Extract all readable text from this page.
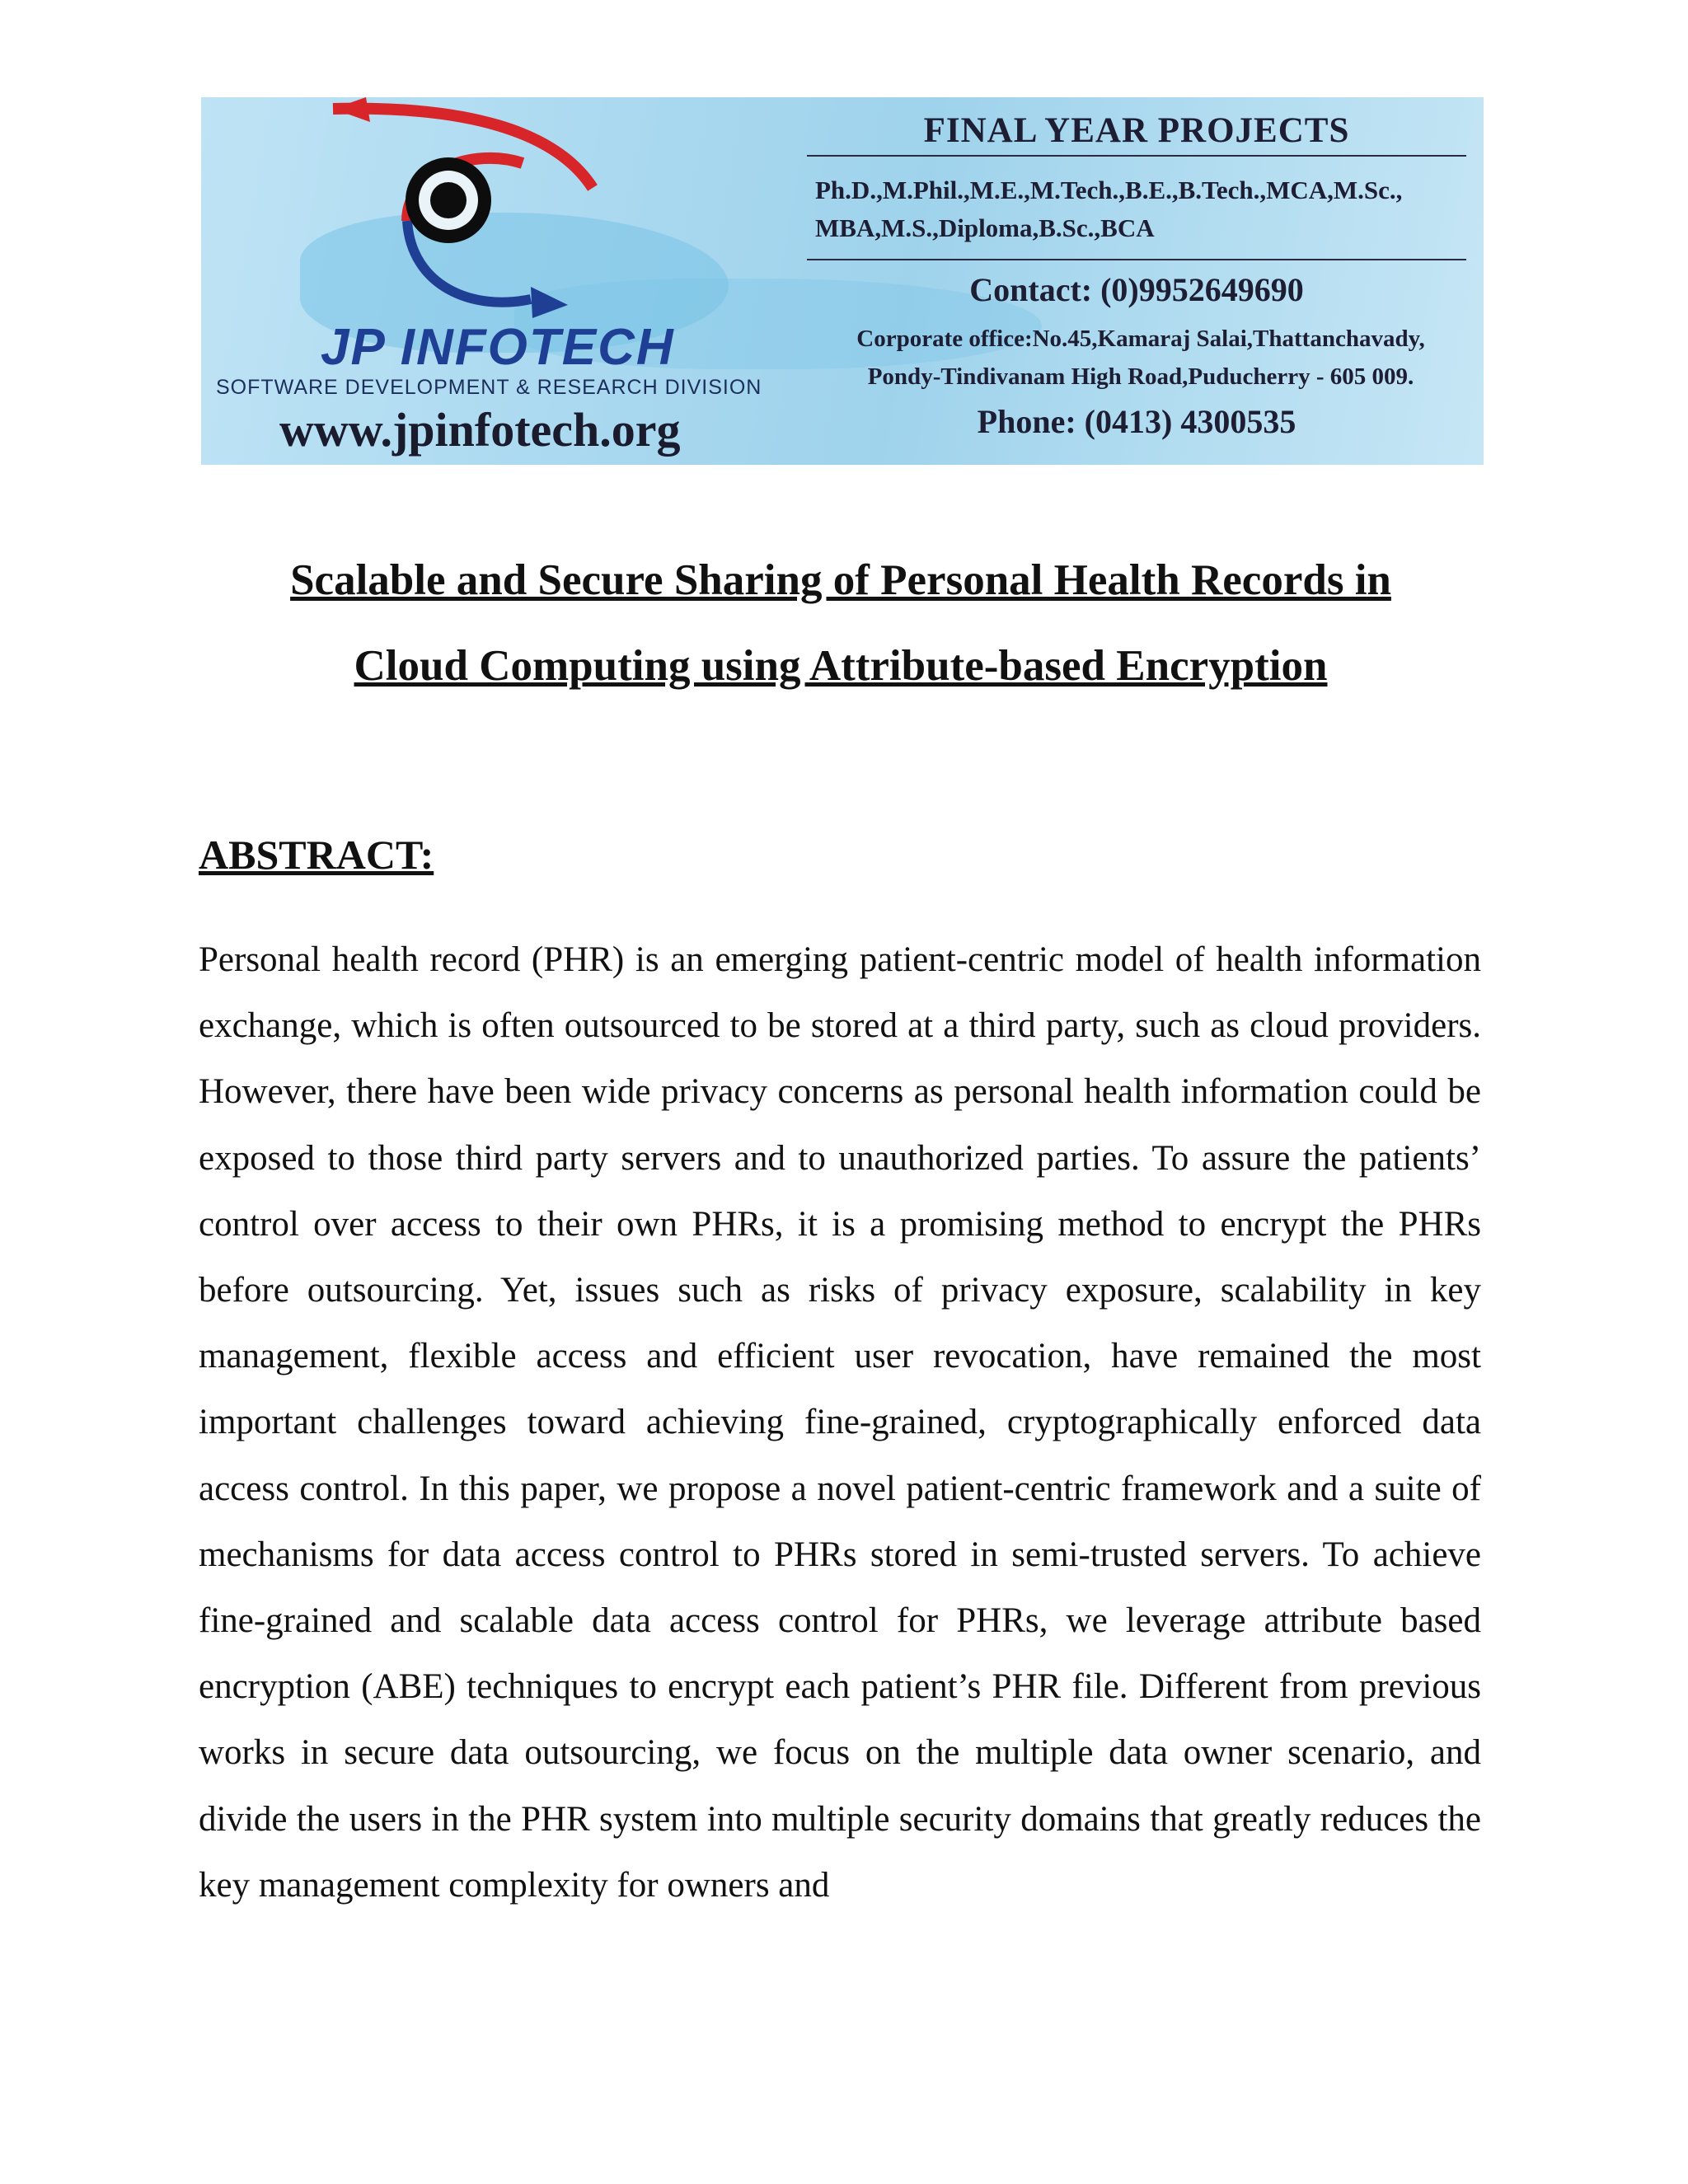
JP INFOTECH
SOFTWARE DEVELOPMENT & RESEARCH DIVISION
www.jpinfotech.org
FINAL YEAR PROJECTS
Ph.D.,M.Phil.,M.E.,M.Tech.,B.E.,B.Tech.,MCA,M.Sc.,
MBA,M.S.,Diploma,B.Sc.,BCA
Contact: (0)9952649690
Corporate office:No.45,Kamaraj Salai,Thattanchavady,
Pondy-Tindivanam High Road,Puducherry - 605 009.
Phone: (0413) 4300535
Scalable and Secure Sharing of Personal Health Records in
Cloud Computing using Attribute-based Encryption
ABSTRACT:
Personal health record (PHR) is an emerging patient-centric model of health information exchange, which is often outsourced to be stored at a third party, such as cloud providers. However, there have been wide privacy concerns as personal health information could be exposed to those third party servers and to unauthorized parties. To assure the patients’ control over access to their own PHRs, it is a promising method to encrypt the PHRs before outsourcing. Yet, issues such as risks of privacy exposure, scalability in key management, flexible access and efficient user revocation, have remained the most important challenges toward achieving fine-grained, cryptographically enforced data access control. In this paper, we propose a novel patient-centric framework and a suite of mechanisms for data access control to PHRs stored in semi-trusted servers. To achieve fine-grained and scalable data access control for PHRs, we leverage attribute based encryption (ABE) techniques to encrypt each patient’s PHR file. Different from previous works in secure data outsourcing, we focus on the multiple data owner scenario, and divide the users in the PHR system into multiple security domains that greatly reduces the key management complexity for owners and
